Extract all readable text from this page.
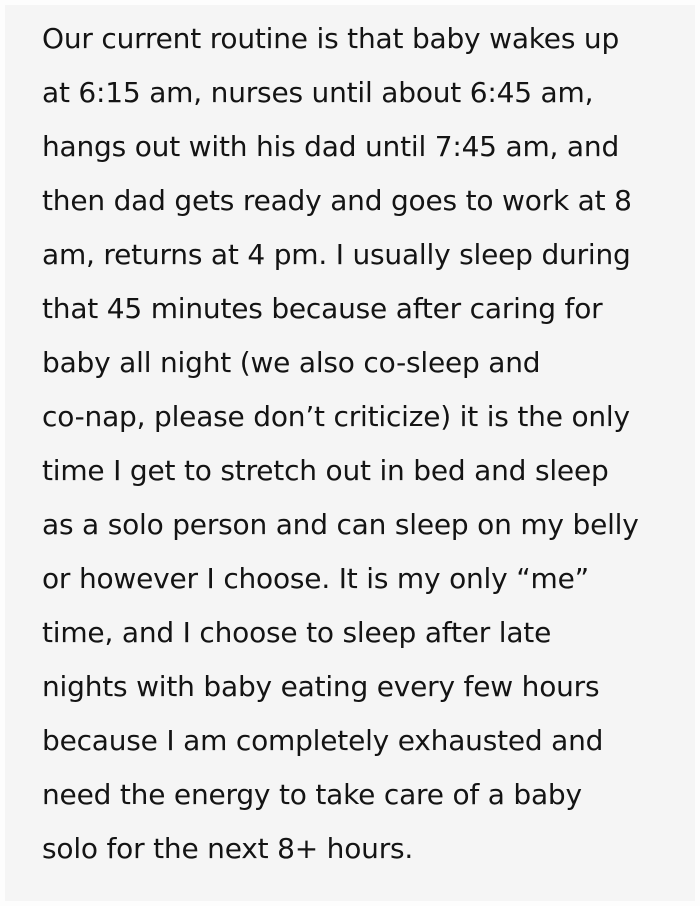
Our current routine is that baby wakes up
at 6:15 am, nurses until about 6:45 am,
hangs out with his dad until 7:45 am, and
then dad gets ready and goes to work at 8
am, returns at 4 pm. I usually sleep during
that 45 minutes because after caring for
baby all night (we also co-sleep and
co-nap, please don’t criticize) it is the only
time I get to stretch out in bed and sleep
as a solo person and can sleep on my belly
or however I choose. It is my only “me”
time, and I choose to sleep after late
nights with baby eating every few hours
because I am completely exhausted and
need the energy to take care of a baby
solo for the next 8+ hours.
